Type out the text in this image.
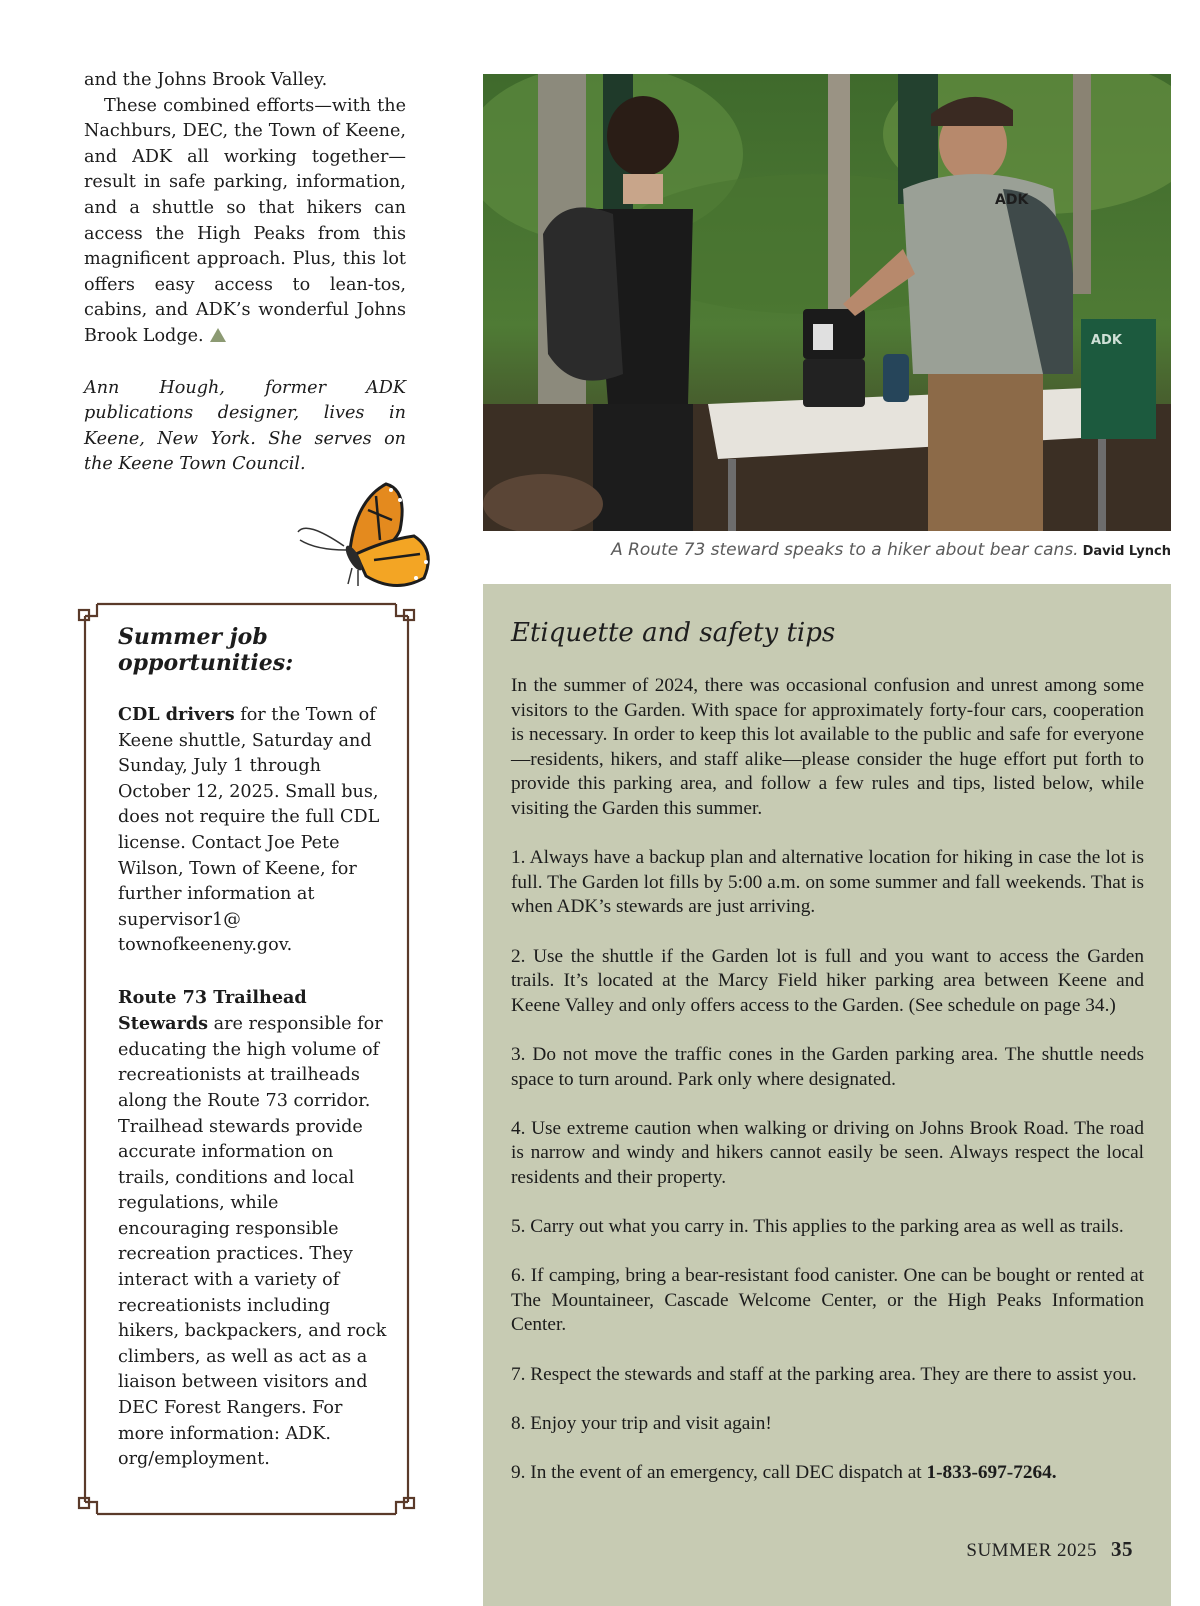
and the Johns Brook Valley.

These combined efforts—with the Nachburs, DEC, the Town of Keene, and ADK all working together—result in safe parking, information, and a shuttle so that hikers can access the High Peaks from this magnificent approach. Plus, this lot offers easy access to lean-tos, cabins, and ADK’s wonderful Johns Brook Lodge.

Ann Hough, former ADK publications designer, lives in Keene, New York. She serves on the Keene Town Council.

ADK
ADK
A Route 73 steward speaks to a hiker about bear cans. David Lynch
Summer job opportunities:

CDL drivers for the Town of Keene shuttle, Saturday and Sunday, July 1 through October 12, 2025. Small bus, does not require the full CDL license. Contact Joe Pete Wilson, Town of Keene, for further information at supervisor1@ townofkeeneny.gov.

Route 73 Trailhead Stewards are responsible for educating the high volume of recreationists at trailheads along the Route 73 corridor. Trailhead stewards provide accurate information on trails, conditions and local regulations, while encouraging responsible recreation practices. They interact with a variety of recreationists including hikers, backpackers, and rock climbers, as well as act as a liaison between visitors and DEC Forest Rangers. For more information: ADK. org/employment.

Etiquette and safety tips

In the summer of 2024, there was occasional confusion and unrest among some visitors to the Garden. With space for approximately forty-four cars, cooperation is necessary. In order to keep this lot available to the public and safe for everyone—residents, hikers, and staff alike—please consider the huge effort put forth to provide this parking area, and follow a few rules and tips, listed below, while visiting the Garden this summer.

1. Always have a backup plan and alternative location for hiking in case the lot is full. The Garden lot fills by 5:00 a.m. on some summer and fall weekends. That is when ADK’s stewards are just arriving.

2. Use the shuttle if the Garden lot is full and you want to access the Garden trails. It’s located at the Marcy Field hiker parking area between Keene and Keene Valley and only offers access to the Garden. (See schedule on page 34.)

3. Do not move the traffic cones in the Garden parking area. The shuttle needs space to turn around. Park only where designated.

4. Use extreme caution when walking or driving on Johns Brook Road. The road is narrow and windy and hikers cannot easily be seen. Always respect the local residents and their property.

5. Carry out what you carry in. This applies to the parking area as well as trails.

6. If camping, bring a bear-resistant food canister. One can be bought or rented at The Mountaineer, Cascade Welcome Center, or the High Peaks Information Center.

7. Respect the stewards and staff at the parking area. They are there to assist you.

8. Enjoy your trip and visit again!

9. In the event of an emergency, call DEC dispatch at 1-833-697-7264.

SUMMER 2025 35
